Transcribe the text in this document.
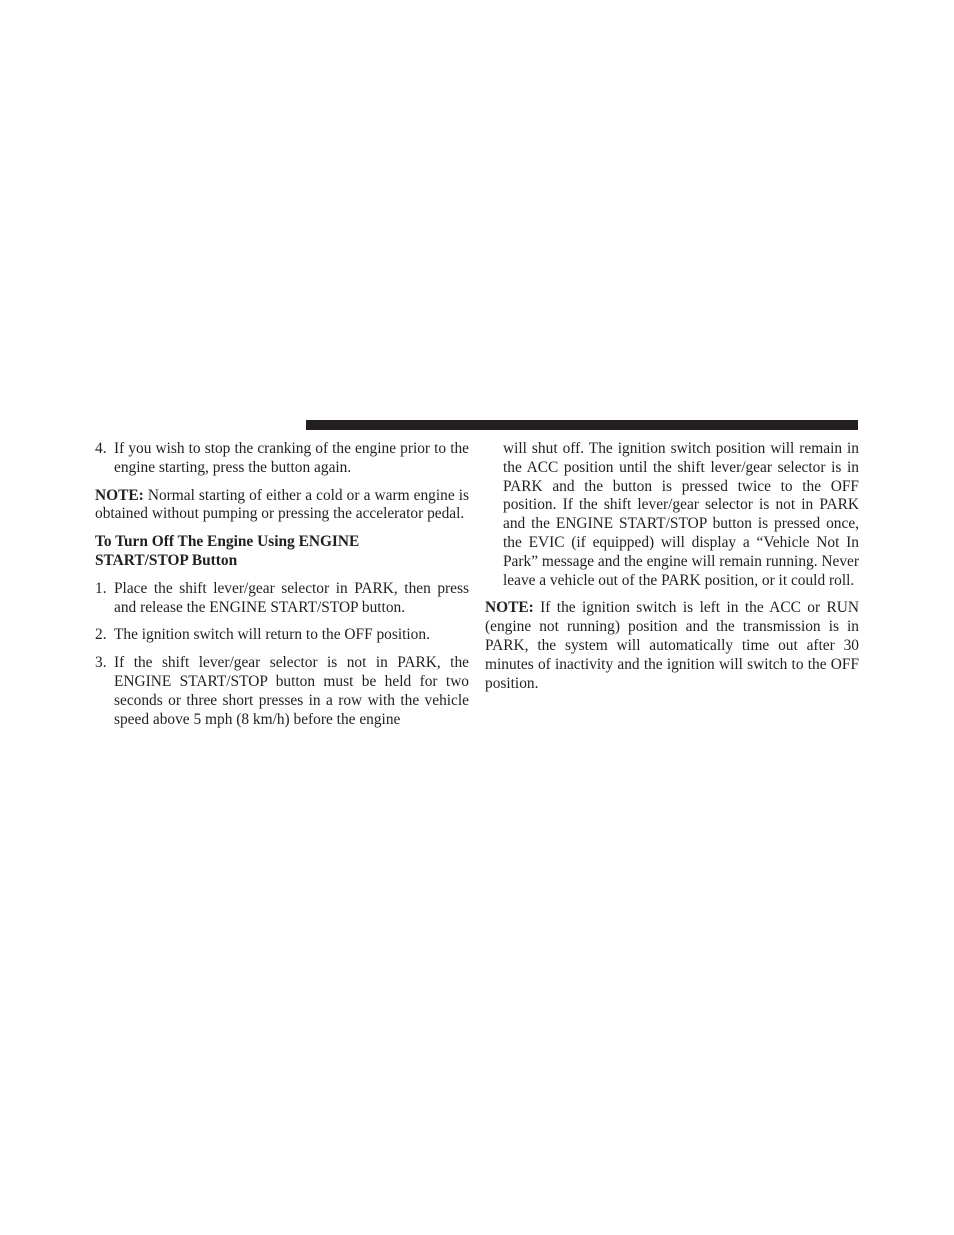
4. If you wish to stop the cranking of the engine prior to the engine starting, press the button again.

NOTE: Normal starting of either a cold or a warm engine is obtained without pumping or pressing the accelerator pedal.

To Turn Off The Engine Using ENGINE
START/STOP Button
1. Place the shift lever/gear selector in PARK, then press and release the ENGINE START/STOP button.

2. The ignition switch will return to the OFF position.

3. If the shift lever/gear selector is not in PARK, the ENGINE START/STOP button must be held for two seconds or three short presses in a row with the vehicle speed above 5 mph (8 km/h) before the engine

will shut off. The ignition switch position will remain in the ACC position until the shift lever/gear selector is in PARK and the button is pressed twice to the OFF position. If the shift lever/gear selector is not in PARK and the ENGINE START/STOP button is pressed once, the EVIC (if equipped) will display a “Vehicle Not In Park” message and the engine will remain running. Never leave a vehicle out of the PARK position, or it could roll.

NOTE: If the ignition switch is left in the ACC or RUN (engine not running) position and the transmission is in PARK, the system will automatically time out after 30 minutes of inactivity and the ignition will switch to the OFF position.
